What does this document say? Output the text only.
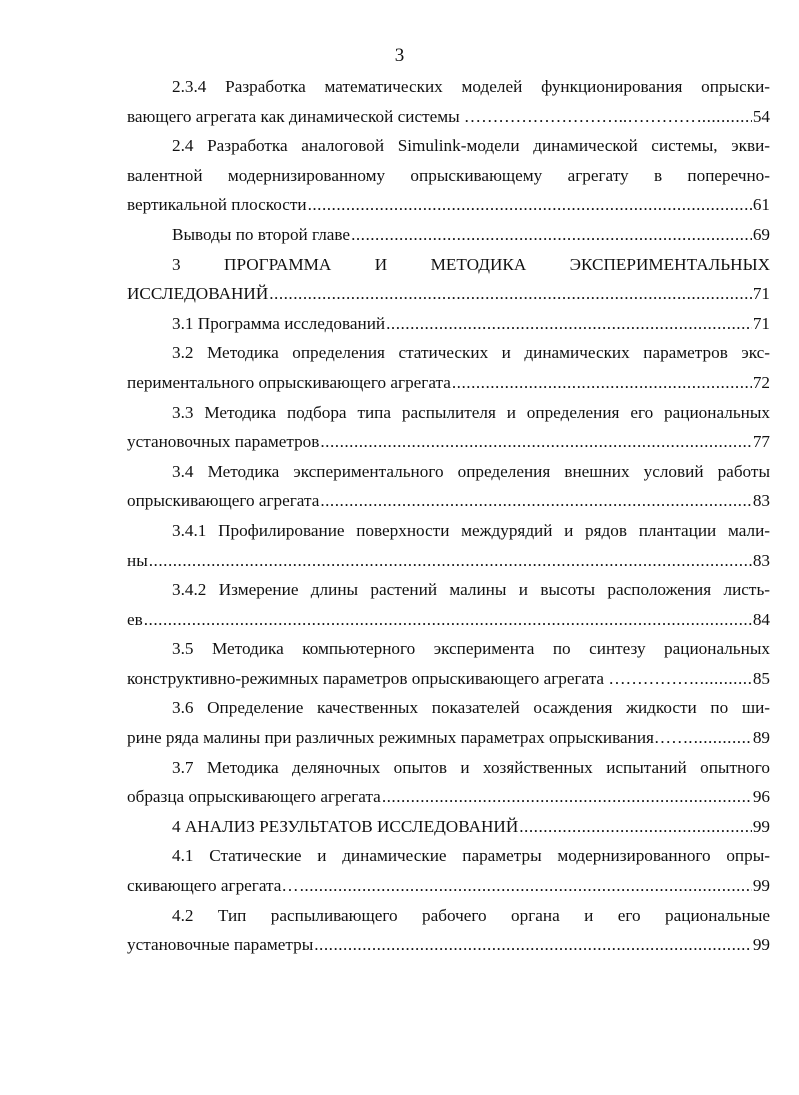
3
2.3.4 Разработка математических моделей функционирования опрыски-
вающего агрегата как динамической системы ………………………..………… .....	54
2.4 Разработка аналоговой Simulink-модели динамической системы, экви-
валентной модернизированному опрыскивающему агрегату в поперечно-
вертикальной плоскости .....	61
Выводы по второй главе .....	69
3 ПРОГРАММА И МЕТОДИКА ЭКСПЕРИМЕНТАЛЬНЫХ
ИССЛЕДОВАНИЙ .....	71
3.1 Программа исследований .....	71
3.2 Методика определения статических и динамических параметров экс-
периментального опрыскивающего агрегата .....	72
3.3 Методика подбора типа распылителя и определения его рациональных
установочных параметров .....	77
3.4 Методика экспериментального определения внешних условий работы
опрыскивающего агрегата .....	83
3.4.1 Профилирование поверхности междурядий и рядов плантации мали-
ны .....	83
3.4.2 Измерение длины растений малины и высоты расположения листь-
ев .....	84
3.5 Методика компьютерного эксперимента по синтезу рациональных
конструктивно-режимных параметров опрыскивающего агрегата ……………. .....	85
3.6 Определение качественных показателей осаждения жидкости по ши-
рине ряда малины при различных режимных параметрах опрыскивания……. .....	89
3.7 Методика деляночных опытов и хозяйственных испытаний опытного
образца опрыскивающего агрегата .....	96
4 АНАЛИЗ РЕЗУЛЬТАТОВ ИССЛЕДОВАНИЙ .....	99
4.1 Статические и динамические параметры модернизированного опры-
скивающего агрегата… .....	99
4.2 Тип распыливающего рабочего органа и его рациональные
установочные параметры .....	99
